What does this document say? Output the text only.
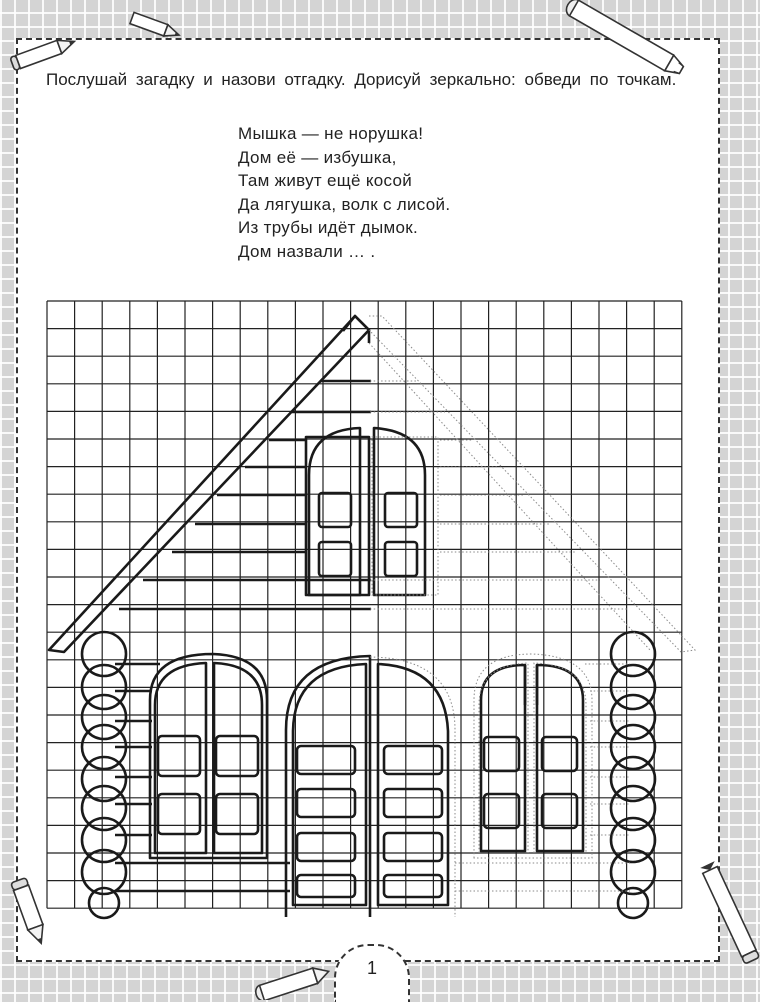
Послушай загадку и назови отгадку. Дорисуй зеркально: обведи по точкам.

Мышка — не норушка!
Дом её — избушка,
Там живут ещё косой
Да лягушка, волк с лисой.
Из трубы идёт дымок.
Дом назвали … .
1
